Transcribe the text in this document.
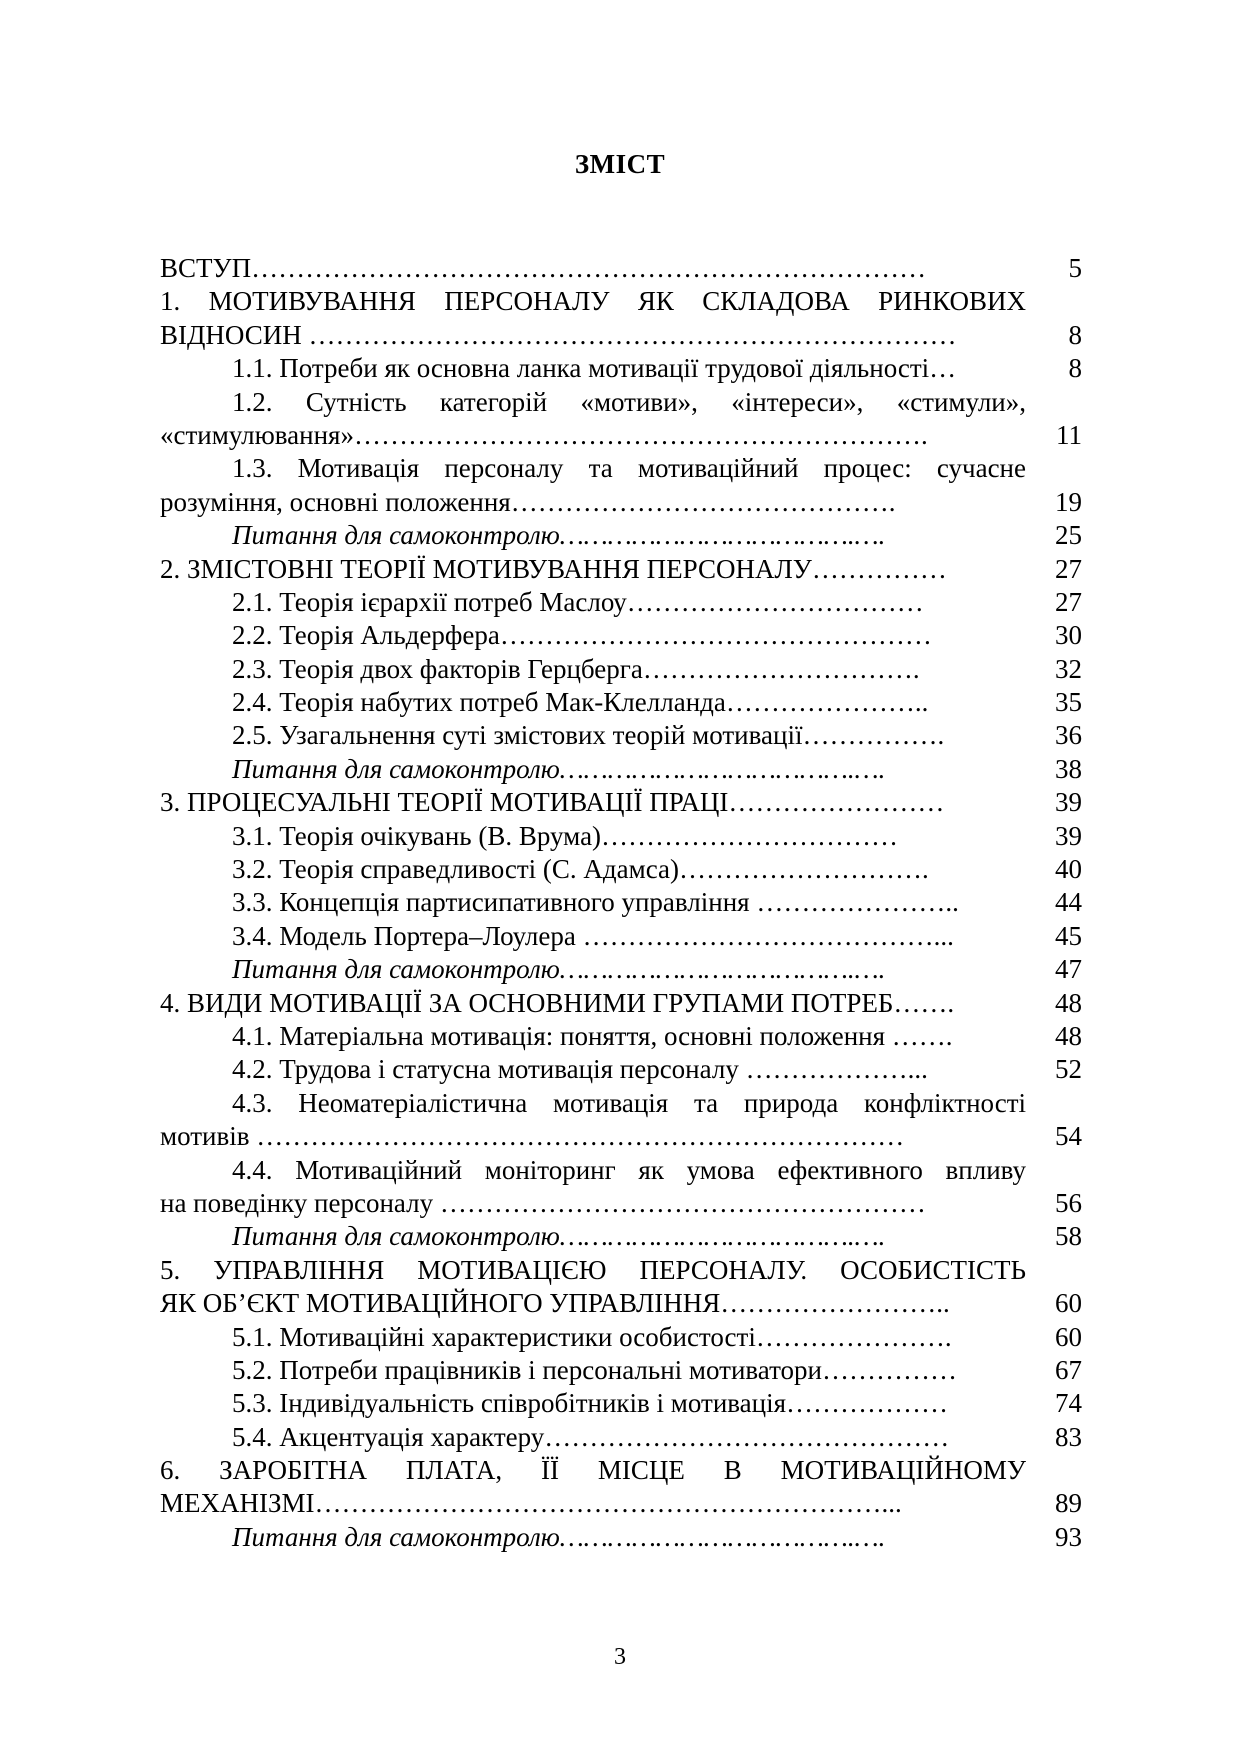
ЗМІСТ
ВСТУП…………………………………………………………………	5
1. МОТИВУВАННЯ ПЕРСОНАЛУ ЯК СКЛАДОВА РИНКОВИХ
ВІДНОСИН ………………………………………………………………	8
1.1. Потреби як основна ланка мотивації трудової діяльності…	8
1.2. Сутність категорій «мотиви», «інтереси», «стимули»,
«стимулювання»……………………………………………………….	11
1.3. Мотивація персоналу та мотиваційний процес: сучасне
розуміння, основні положення…………………………………….	19
Питання для самоконтролю……………………………….….	25
2. ЗМІСТОВНІ ТЕОРІЇ МОТИВУВАННЯ ПЕРСОНАЛУ……………	27
2.1. Теорія ієрархії потреб Маслоу……………………………	27
2.2. Теорія Альдерфера…………………………………………	30
2.3. Теорія двох факторів Герцберга………………………….	32
2.4. Теорія набутих потреб Мак-Клелланда…………………..	35
2.5. Узагальнення суті змістових теорій мотивації…………….	36
Питання для самоконтролю……………………………….….	38
3. ПРОЦЕСУАЛЬНІ ТЕОРІЇ МОТИВАЦІЇ ПРАЦІ……………………	39
3.1. Теорія очікувань (В. Врума)……………………………	39
3.2. Теорія справедливості (С. Адамса)……………………….	40
3.3. Концепція партисипативного управління …………………..	44
3.4. Модель Портера–Лоулера …………………………………...	45
Питання для самоконтролю……………………………….….	47
4. ВИДИ МОТИВАЦІЇ ЗА ОСНОВНИМИ ГРУПАМИ ПОТРЕБ…….	48
4.1. Матеріальна мотивація: поняття, основні положення …….	48
4.2. Трудова і статусна мотивація персоналу ………………...	52
4.3. Неоматеріалістична мотивація та природа конфліктності
мотивів ………………………………………………………………	54
4.4. Мотиваційний моніторинг як умова ефективного впливу
на поведінку персоналу ………………………………………………	56
Питання для самоконтролю……………………………….….	58
5. УПРАВЛІННЯ МОТИВАЦІЄЮ ПЕРСОНАЛУ. ОСОБИСТІСТЬ
ЯК ОБ’ЄКТ МОТИВАЦІЙНОГО УПРАВЛІННЯ……………………..	60
5.1. Мотиваційні характеристики особистості………………….	60
5.2. Потреби працівників і персональні мотиватори……………	67
5.3. Індивідуальність співробітників і мотивація………………	74
5.4. Акцентуація характеру………………………………………	83
6. ЗАРОБІТНА ПЛАТА, ЇЇ МІСЦЕ В МОТИВАЦІЙНОМУ
МЕХАНІЗМІ………………………………………………………...	89
Питання для самоконтролю……………………………….….	93
3
